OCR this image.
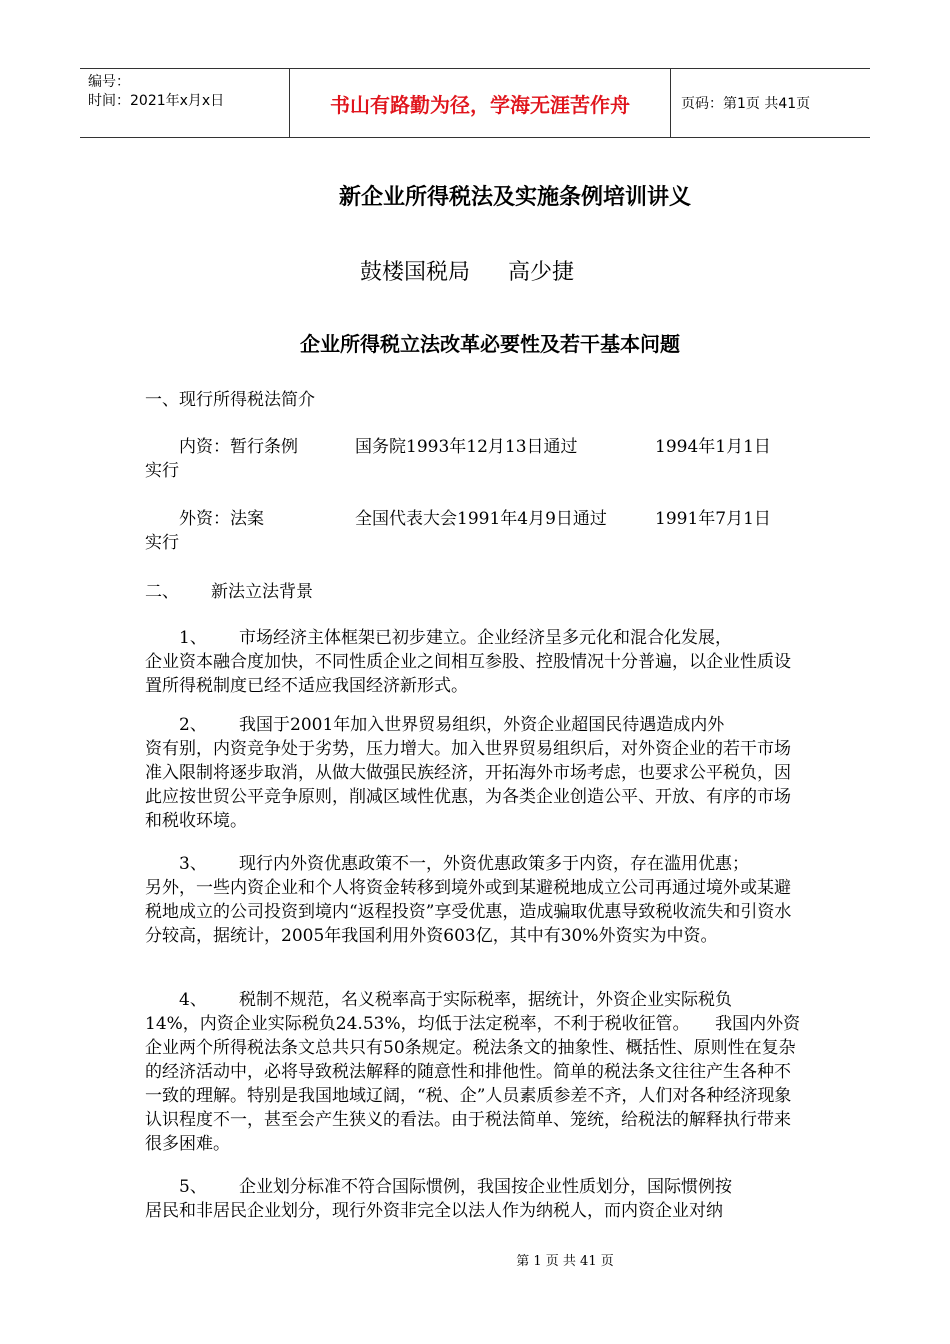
编号：
时间：2021年x月x日	书山有路勤为径，学海无涯苦作舟	页码：第1页 共41页
新企业所得税法及实施条例培训讲义
鼓楼国税局 高少捷
企业所得税立法改革必要性及若干基本问题
一、现行所得税法简介
内资：暂行条例	国务院1993年12月13日通过	1994年1月1日
实行
外资：法案	全国代表大会1991年4月9日通过	1991年7月1日
实行
二、 新法立法背景
1、 市场经济主体框架已初步建立。企业经济呈多元化和混合化发展，
企业资本融合度加快，不同性质企业之间相互参股、控股情况十分普遍，以企业性质设置所得税制度已经不适应我国经济新形式。
2、 我国于2001年加入世界贸易组织，外资企业超国民待遇造成内外
资有别，内资竞争处于劣势，压力增大。加入世界贸易组织后，对外资企业的若干市场准入限制将逐步取消，从做大做强民族经济，开拓海外市场考虑，也要求公平税负，因此应按世贸公平竞争原则，削减区域性优惠，为各类企业创造公平、开放、有序的市场和税收环境。
3、 现行内外资优惠政策不一，外资优惠政策多于内资，存在滥用优惠；
另外，一些内资企业和个人将资金转移到境外或到某避税地成立公司再通过境外或某避税地成立的公司投资到境内“返程投资”享受优惠，造成骗取优惠导致税收流失和引资水分较高，据统计，2005年我国利用外资603亿，其中有30%外资实为中资。
4、 税制不规范，名义税率高于实际税率，据统计，外资企业实际税负
14%，内资企业实际税负24.53%，均低于法定税率，不利于税收征管。　　我国内外资企业两个所得税法条文总共只有50条规定。税法条文的抽象性、概括性、原则性在复杂的经济活动中，必将导致税法解释的随意性和排他性。简单的税法条文往往产生各种不一致的理解。特别是我国地域辽阔，“税、企”人员素质参差不齐，人们对各种经济现象认识程度不一，甚至会产生狭义的看法。由于税法简单、笼统，给税法的解释执行带来很多困难。
5、 企业划分标准不符合国际惯例，我国按企业性质划分，国际惯例按
居民和非居民企业划分，现行外资非完全以法人作为纳税人，而内资企业对纳
第 1 页 共 41 页
